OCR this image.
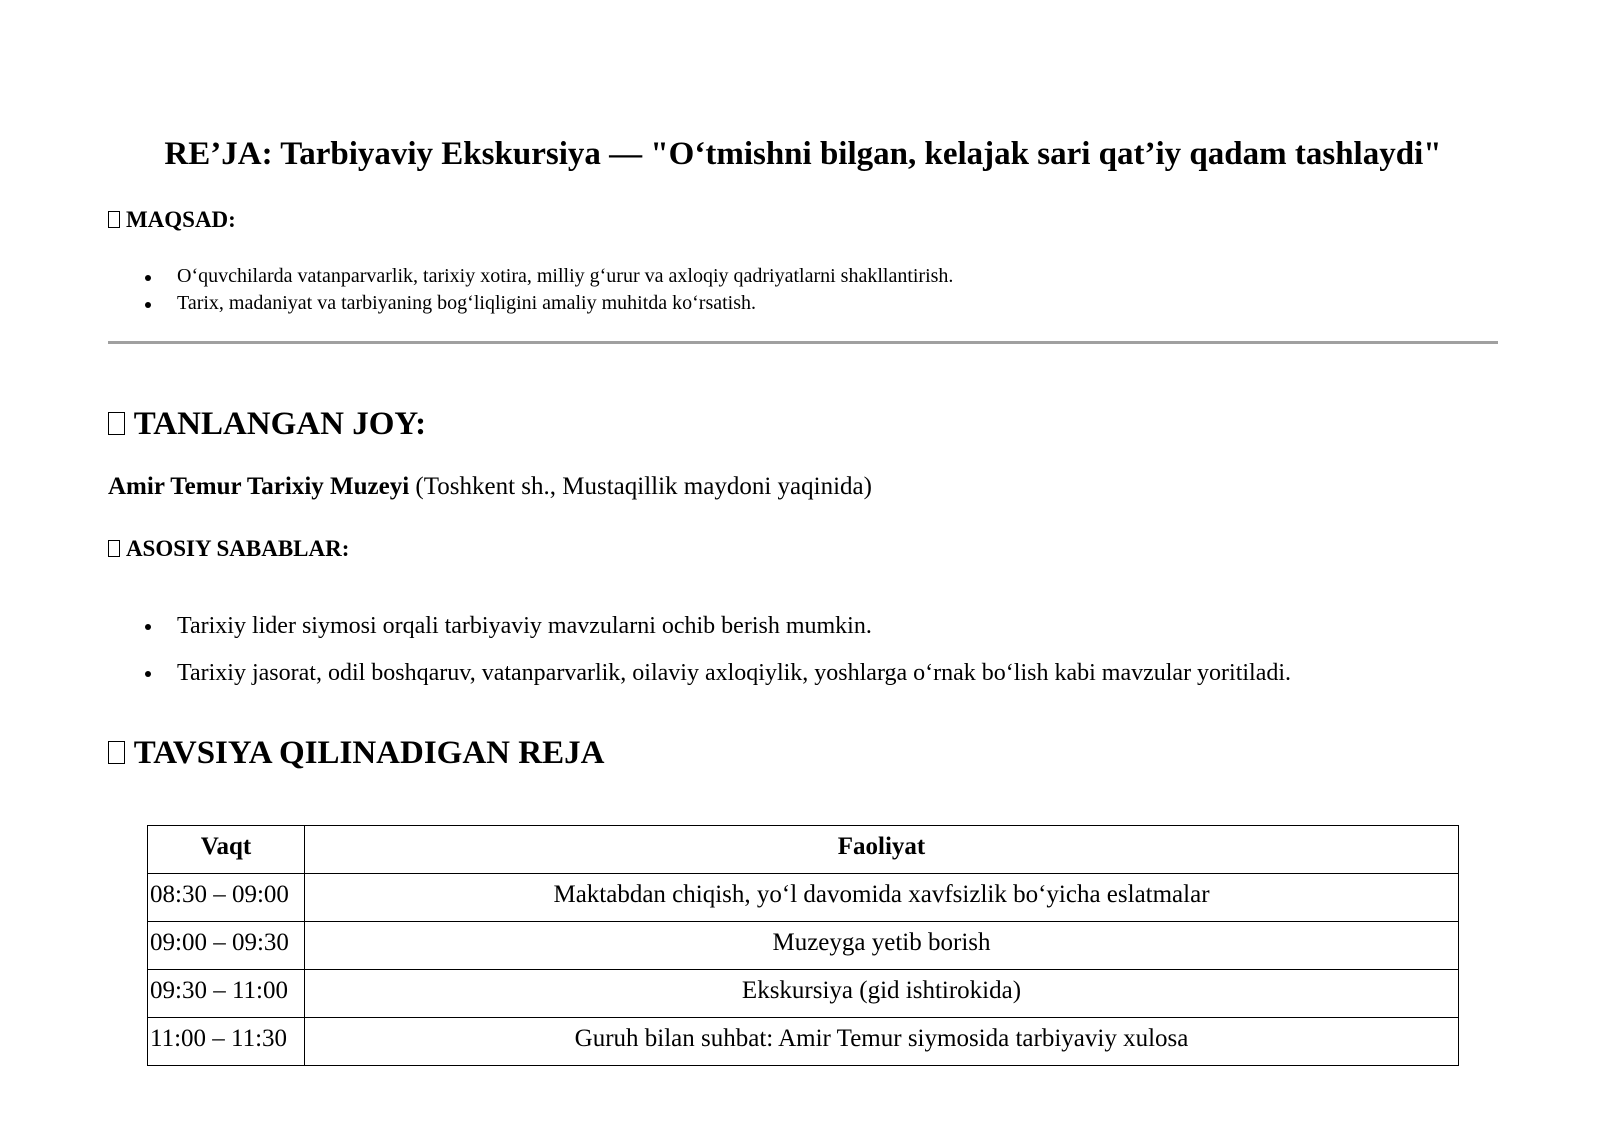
RE’JA: Tarbiyaviy Ekskursiya — "O‘tmishni bilgan, kelajak sari qat’iy qadam tashlaydi"
MAQSAD:
O‘quvchilarda vatanparvarlik, tarixiy xotira, milliy g‘urur va axloqiy qadriyatlarni shakllantirish.
Tarix, madaniyat va tarbiyaning bog‘liqligini amaliy muhitda ko‘rsatish.
TANLANGAN JOY:

Amir Temur Tarixiy Muzeyi (Toshkent sh., Mustaqillik maydoni yaqinida)

ASOSIY SABABLAR:
Tarixiy lider siymosi orqali tarbiyaviy mavzularni ochib berish mumkin.
Tarixiy jasorat, odil boshqaruv, vatanparvarlik, oilaviy axloqiylik, yoshlarga o‘rnak bo‘lish kabi mavzular yoritiladi.
TAVSIYA QILINADIGAN REJA
Vaqt	Faoliyat
08:30 – 09:00	Maktabdan chiqish, yo‘l davomida xavfsizlik bo‘yicha eslatmalar
09:00 – 09:30	Muzeyga yetib borish
09:30 – 11:00	Ekskursiya (gid ishtirokida)
11:00 – 11:30	Guruh bilan suhbat: Amir Temur siymosida tarbiyaviy xulosa
